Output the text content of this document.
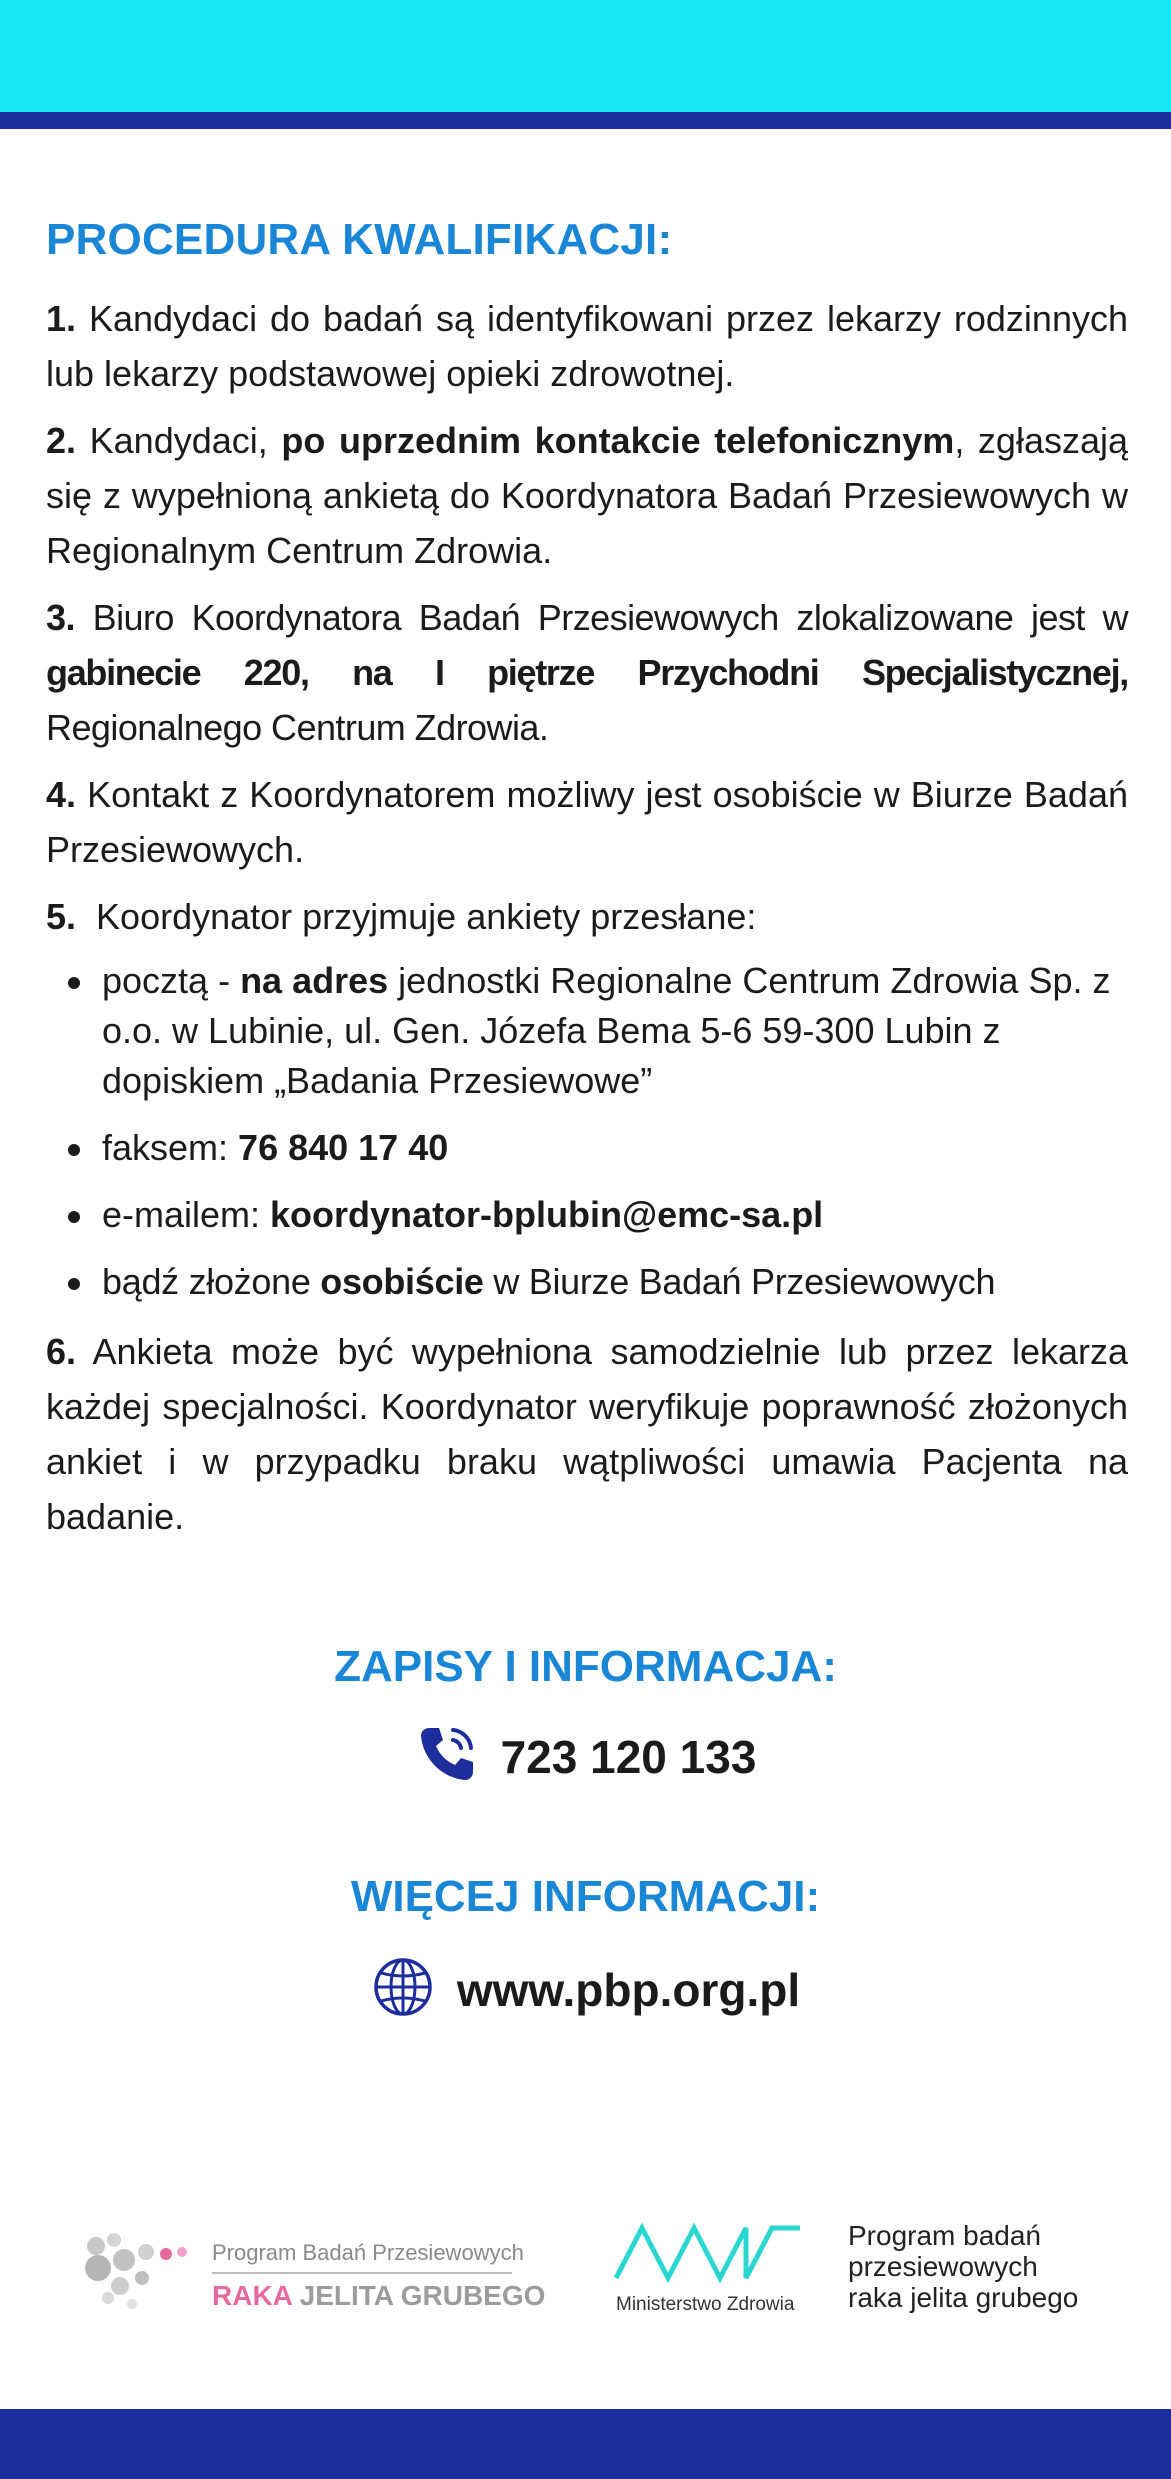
PROCEDURA KWALIFIKACJI:

1. Kandydaci do badań są identyfikowani przez lekarzy rodzinnych lub lekarzy podstawowej opieki zdrowotnej.

2. Kandydaci, po uprzednim kontakcie telefonicznym, zgłaszają się z wypełnioną ankietą do Koordynatora Badań Przesiewowych w Regionalnym Centrum Zdrowia.

3. Biuro Koordynatora Badań Przesiewowych zlokalizowane jest w gabinecie 220, na I piętrze Przychodni Specjalistycznej, Regionalnego Centrum Zdrowia.

4. Kontakt z Koordynatorem możliwy jest osobiście w Biurze Badań Przesiewowych.

5.  Koordynator przyjmuje ankiety przesłane:

pocztą - na adres jednostki Regionalne Centrum Zdrowia Sp. z o.o. w Lubinie, ul. Gen. Józefa Bema 5-6 59-300 Lubin z dopiskiem „Badania Przesiewowe”
faksem: 76 840 17 40
e-mailem: koordynator-bplubin@emc-sa.pl
bądź złożone osobiście w Biurze Badań Przesiewowych

6. Ankieta może być wypełniona samodzielnie lub przez lekarza każdej specjalności. Koordynator weryfikuje poprawność złożonych ankiet i w przypadku braku wątpliwości umawia Pacjenta na badanie.

ZAPISY I INFORMACJA:
723 120 133
WIĘCEJ INFORMACJI:
www.pbp.org.pl
Program Badań Przesiewowych
RAKA JELITA GRUBEGO	Ministerstwo Zdrowia
Program badań
przesiewowych
raka jelita grubego
